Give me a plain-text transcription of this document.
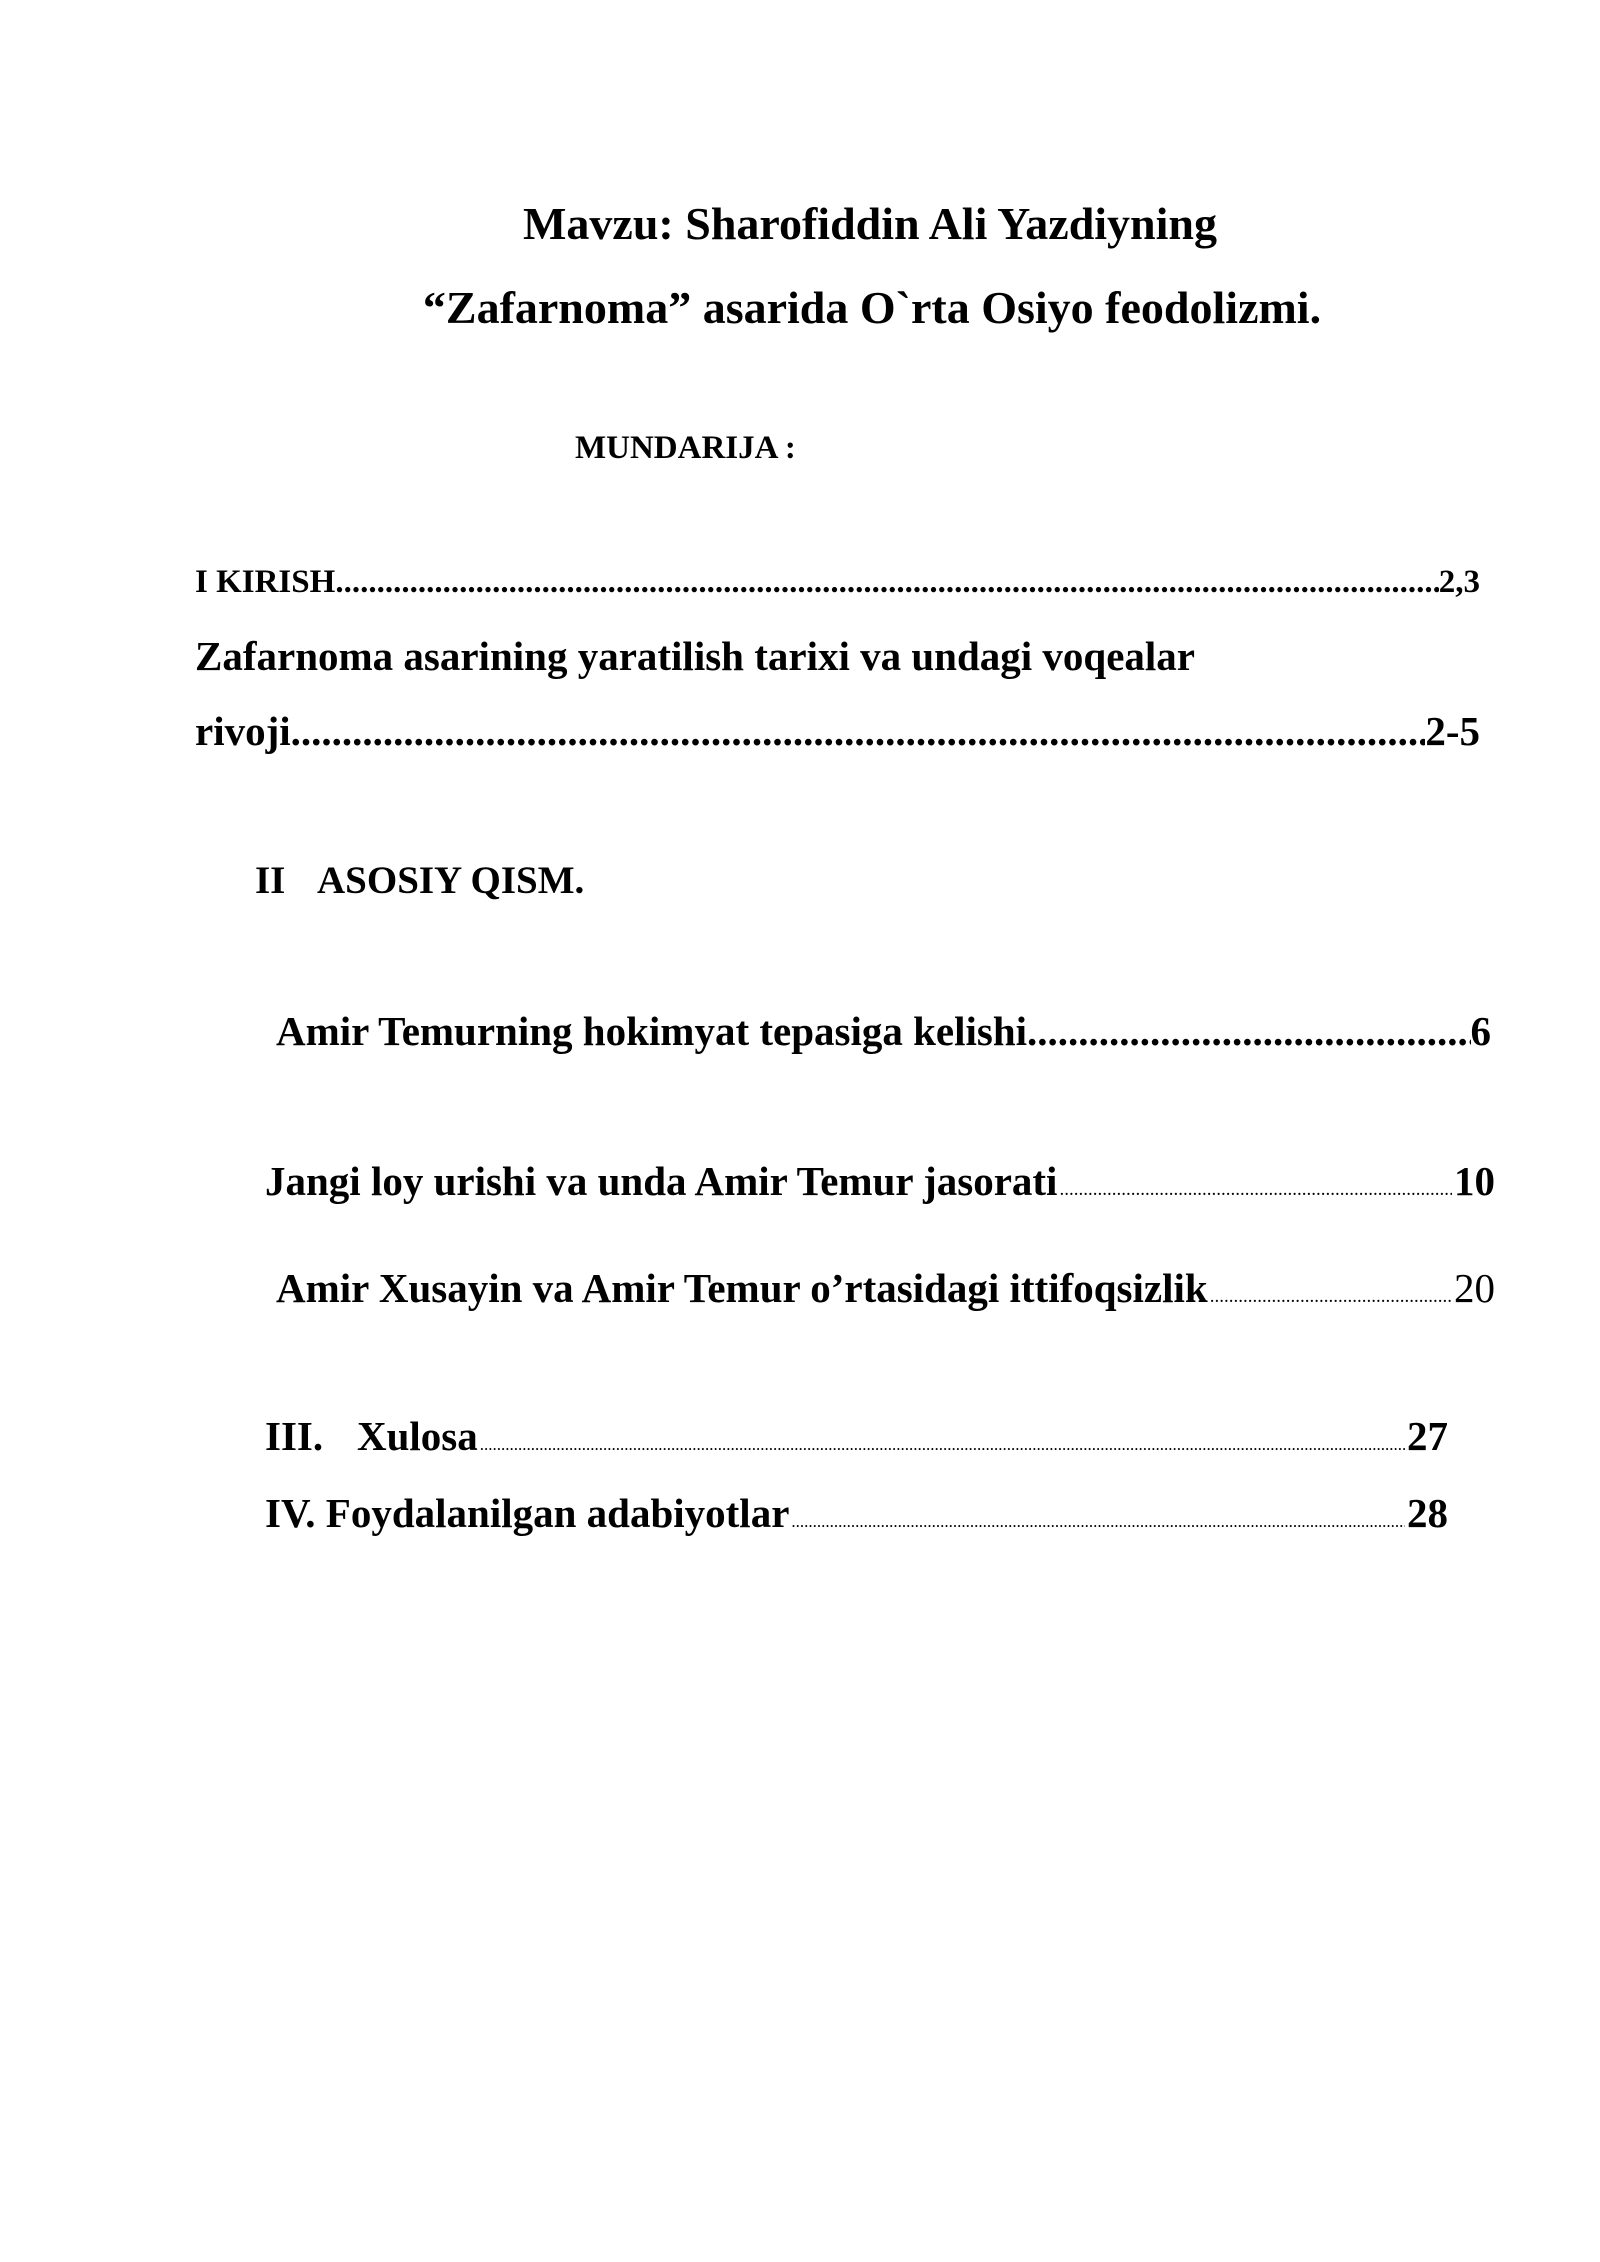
Mavzu: Sharofiddin Ali Yazdiyning
“Zafarnoma” asarida O`rta Osiyo feodolizmi.
MUNDARIJA :
I KIRISH .....	2,3
Zafarnoma asarining yaratilish tarixi va undagi voqealar
rivoji .....	2-5
II ASOSIY QISM.
Amir Temurning hokimyat tepasiga kelishi .....	6
Jangi loy urishi va unda Amir Temur jasorati .....	10
Amir Xusayin va Amir Temur o’rtasidagi ittifoqsizlik .....	20
III. Xulosa .....	27
IV. Foydalanilgan adabiyotlar .....	28
